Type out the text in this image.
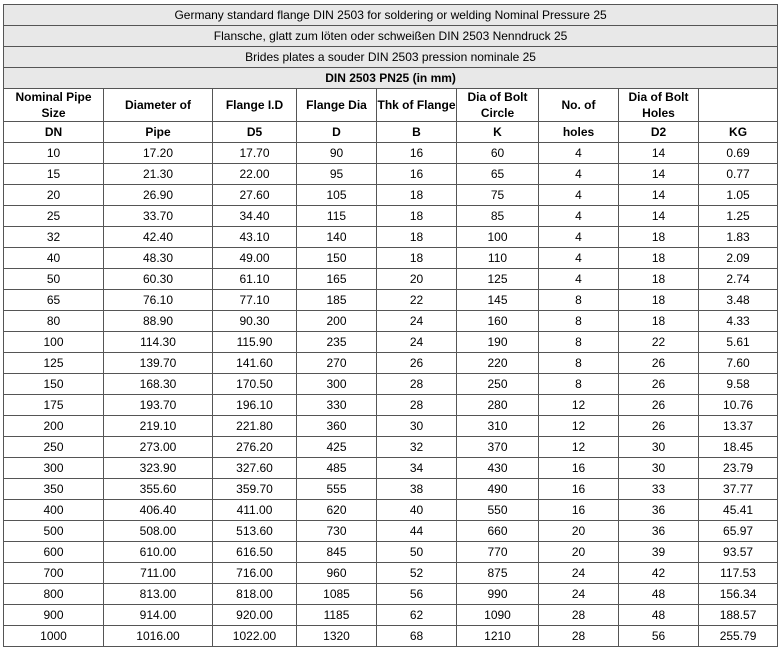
Germany standard flange DIN 2503 for soldering or welding Nominal Pressure 25								
Flansche, glatt zum löten oder schweißen DIN 2503 Nenndruck 25								
Brides plates a souder DIN 2503 pression nominale 25								
DIN 2503 PN25 (in mm)								
Nominal Pipe Size	Diameter of	Flange I.D	Flange Dia	Thk of Flange	Dia of Bolt Circle	No. of	Dia of Bolt Holes	
DN	Pipe	D5	D	B	K	holes	D2	KG
10	17.20	17.70	90	16	60	4	14	0.69
15	21.30	22.00	95	16	65	4	14	0.77
20	26.90	27.60	105	18	75	4	14	1.05
25	33.70	34.40	115	18	85	4	14	1.25
32	42.40	43.10	140	18	100	4	18	1.83
40	48.30	49.00	150	18	110	4	18	2.09
50	60.30	61.10	165	20	125	4	18	2.74
65	76.10	77.10	185	22	145	8	18	3.48
80	88.90	90.30	200	24	160	8	18	4.33
100	114.30	115.90	235	24	190	8	22	5.61
125	139.70	141.60	270	26	220	8	26	7.60
150	168.30	170.50	300	28	250	8	26	9.58
175	193.70	196.10	330	28	280	12	26	10.76
200	219.10	221.80	360	30	310	12	26	13.37
250	273.00	276.20	425	32	370	12	30	18.45
300	323.90	327.60	485	34	430	16	30	23.79
350	355.60	359.70	555	38	490	16	33	37.77
400	406.40	411.00	620	40	550	16	36	45.41
500	508.00	513.60	730	44	660	20	36	65.97
600	610.00	616.50	845	50	770	20	39	93.57
700	711.00	716.00	960	52	875	24	42	117.53
800	813.00	818.00	1085	56	990	24	48	156.34
900	914.00	920.00	1185	62	1090	28	48	188.57
1000	1016.00	1022.00	1320	68	1210	28	56	255.79
